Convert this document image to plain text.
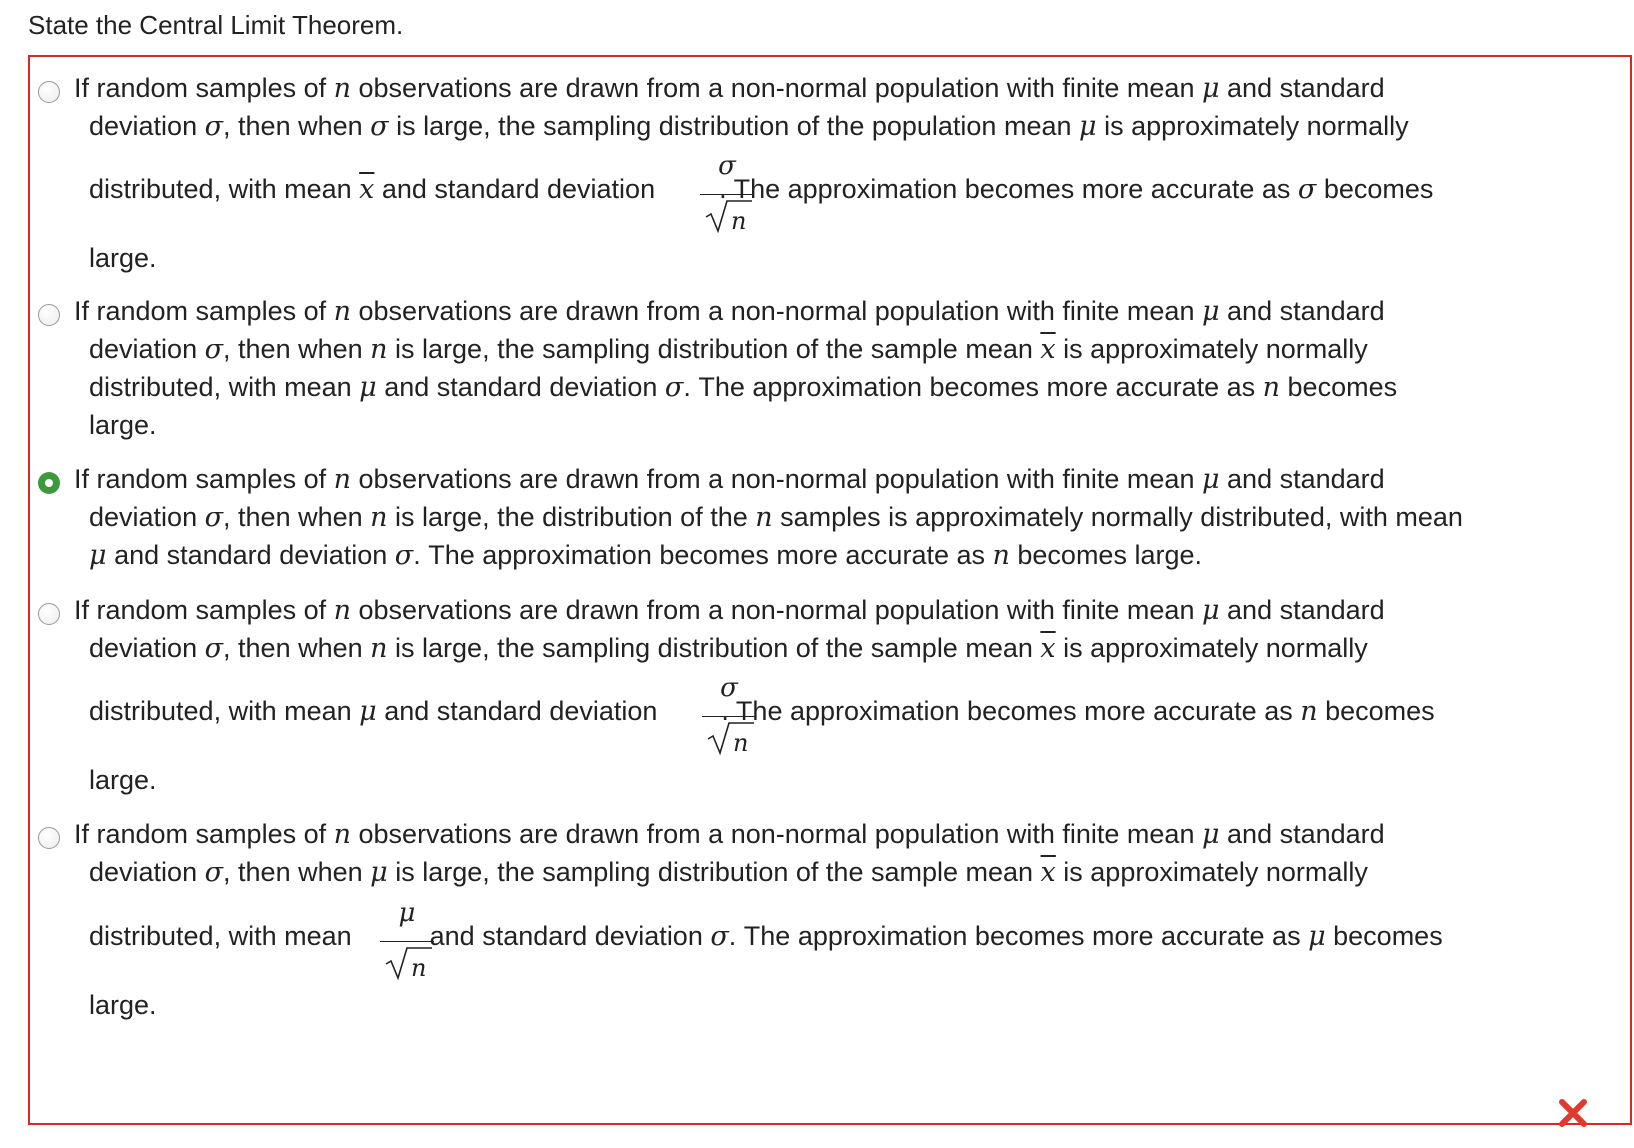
State the Central Limit Theorem.
If random samples of n observations are drawn from a non-normal population with finite mean μ and standard
deviation σ, then when σ is large, the sampling distribution of the population mean μ is approximately normally
distributed, with mean $\overline{x}$ and standard deviation . The approximation becomes more accurate as σ becomes
σ
n
large.
If random samples of n observations are drawn from a non-normal population with finite mean μ and standard
deviation σ, then when n is large, the sampling distribution of the sample mean $\overline{x}$ is approximately normally
distributed, with mean μ and standard deviation σ. The approximation becomes more accurate as n becomes
large.
If random samples of n observations are drawn from a non-normal population with finite mean μ and standard
deviation σ, then when n is large, the distribution of the n samples is approximately normally distributed, with mean
μ and standard deviation σ. The approximation becomes more accurate as n becomes large.
If random samples of n observations are drawn from a non-normal population with finite mean μ and standard
deviation σ, then when n is large, the sampling distribution of the sample mean $\overline{x}$ is approximately normally
distributed, with mean μ and standard deviation . The approximation becomes more accurate as n becomes
σ
n
large.
If random samples of n observations are drawn from a non-normal population with finite mean μ and standard
deviation σ, then when μ is large, the sampling distribution of the sample mean $\overline{x}$ is approximately normally
distributed, with mean	and standard deviation σ. The approximation becomes more accurate as μ becomes
μ
n
large.
